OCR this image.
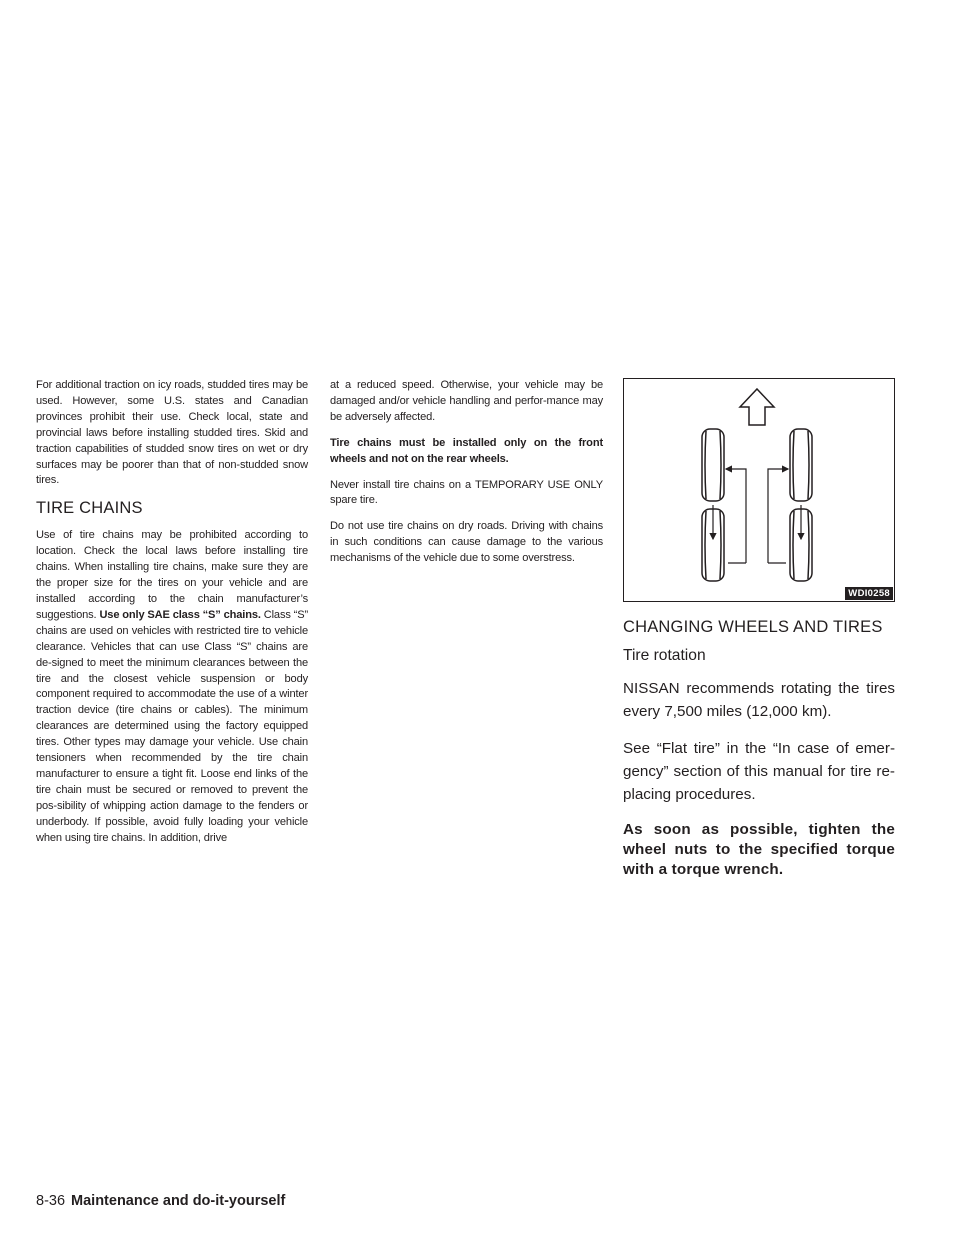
For additional traction on icy roads, studded tires may be used. However, some U.S. states and Canadian provinces prohibit their use. Check local, state and provincial laws before installing studded tires. Skid and traction capabilities of studded snow tires on wet or dry surfaces may be poorer than that of non-studded snow tires.

TIRE CHAINS

Use of tire chains may be prohibited according to location. Check the local laws before installing tire chains. When installing tire chains, make sure they are the proper size for the tires on your vehicle and are installed according to the chain manufacturer’s suggestions. Use only SAE class “S” chains. Class “S” chains are used on vehicles with restricted tire to vehicle clearance. Vehicles that can use Class “S” chains are de-signed to meet the minimum clearances between the tire and the closest vehicle suspension or body component required to accommodate the use of a winter traction device (tire chains or cables). The minimum clearances are determined using the factory equipped tires. Other types may damage your vehicle. Use chain tensioners when recommended by the tire chain manufacturer to ensure a tight fit. Loose end links of the tire chain must be secured or removed to prevent the pos-sibility of whipping action damage to the fenders or underbody. If possible, avoid fully loading your vehicle when using tire chains. In addition, drive

at a reduced speed. Otherwise, your vehicle may be damaged and/or vehicle handling and perfor-mance may be adversely affected.

Tire chains must be installed only on the front wheels and not on the rear wheels.

Never install tire chains on a TEMPORARY USE ONLY spare tire.

Do not use tire chains on dry roads. Driving with chains in such conditions can cause damage to the various mechanisms of the vehicle due to some overstress.

WDI0258
CHANGING WHEELS AND TIRES
Tire rotation

NISSAN recommends rotating the tires every 7,500 miles (12,000 km).

See “Flat tire” in the “In case of emer-gency” section of this manual for tire re-placing procedures.

As soon as possible, tighten the wheel nuts to the specified torque with a torque wrench.

8-36 Maintenance and do-it-yourself
